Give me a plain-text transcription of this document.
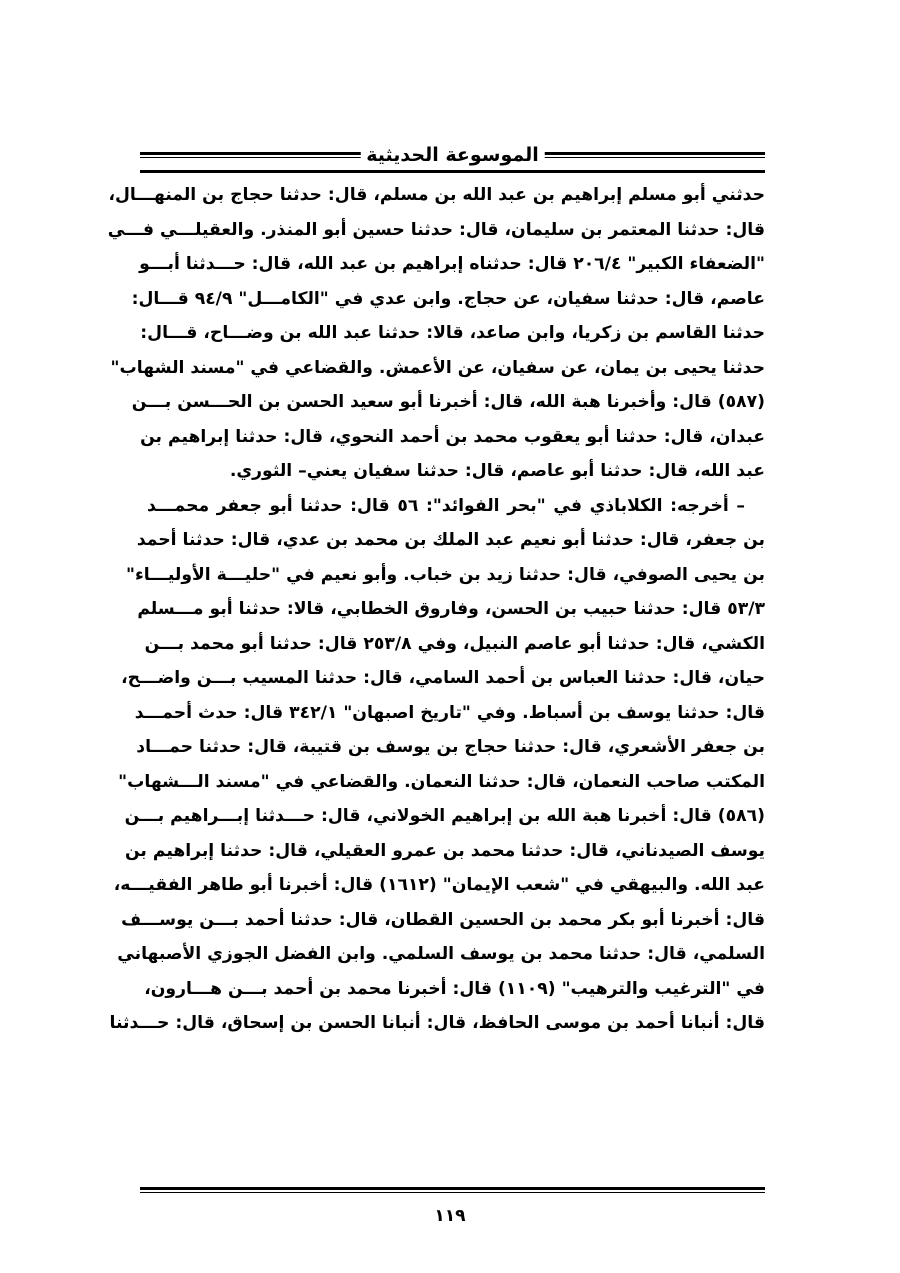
الموسوعة الحديثية
حدثني أبو مسلم إبراهيم بن عبد الله بن مسلم، قال: حدثنا حجاج بن المنهـــال،
قال: حدثنا المعتمر بن سليمان، قال: حدثنا حسين أبو المنذر. والعقيلـــي فـــي
"الضعفاء الكبير" ٢٠٦/٤ قال: حدثناه إبراهيم بن عبد الله، قال: حـــدثنا أبـــو
عاصم، قال: حدثنا سفيان، عن حجاج. وابن عدي في "الكامـــل" ٩٤/٩ قـــال:
حدثنا القاسم بن زكريا، وابن صاعد، قالا: حدثنا عبد الله بن وضـــاح، قـــال:
حدثنا يحيى بن يمان، عن سفيان، عن الأعمش. والقضاعي في "مسند الشهاب"
(٥٨٧) قال: وأخبرنا هبة الله، قال: أخبرنا أبو سعيد الحسن بن الحـــسن بـــن
عبدان، قال: حدثنا أبو يعقوب محمد بن أحمد النحوي، قال: حدثنا إبراهيم بن
عبد الله، قال: حدثنا أبو عاصم، قال: حدثنا سفيان يعني– الثوري.
– أخرجه: الكلاباذي في "بحر الفوائد": ٥٦ قال: حدثنا أبو جعفر محمـــد
بن جعفر، قال: حدثنا أبو نعيم عبد الملك بن محمد بن عدي، قال: حدثنا أحمد
بن يحيى الصوفي، قال: حدثنا زيد بن خباب. وأبو نعيم في "حليـــة الأوليـــاء"
٥٣/٣ قال: حدثنا حبيب بن الحسن، وفاروق الخطابي، قالا: حدثنا أبو مـــسلم
الكشي، قال: حدثنا أبو عاصم النبيل، وفي ٢٥٣/٨ قال: حدثنا أبو محمد بـــن
حيان، قال: حدثنا العباس بن أحمد السامي، قال: حدثنا المسيب بـــن واضـــح،
قال: حدثنا يوسف بن أسباط. وفي "تاريخ اصبهان" ٣٤٢/١ قال: حدث أحمـــد
بن جعفر الأشعري، قال: حدثنا حجاج بن يوسف بن قتيبة، قال: حدثنا حمـــاد
المكتب صاحب النعمان، قال: حدثنا النعمان. والقضاعي في "مسند الـــشهاب"
(٥٨٦) قال: أخبرنا هبة الله بن إبراهيم الخولاني، قال: حـــدثنا إبـــراهيم بـــن
يوسف الصيدناني، قال: حدثنا محمد بن عمرو العقيلي، قال: حدثنا إبراهيم بن
عبد الله. والبيهقي في "شعب الإيمان" (١٦١٢) قال: أخبرنا أبو طاهر الفقيـــه،
قال: أخبرنا أبو بكر محمد بن الحسين القطان، قال: حدثنا أحمد بـــن يوســـف
السلمي، قال: حدثنا محمد بن يوسف السلمي. وابن الفضل الجوزي الأصبهاني
في "الترغيب والترهيب" (١١٠٩) قال: أخبرنا محمد بن أحمد بـــن هـــارون،
قال: أنبانا أحمد بن موسى الحافظ، قال: أنبانا الحسن بن إسحاق، قال: حـــدثنا
١١٩
